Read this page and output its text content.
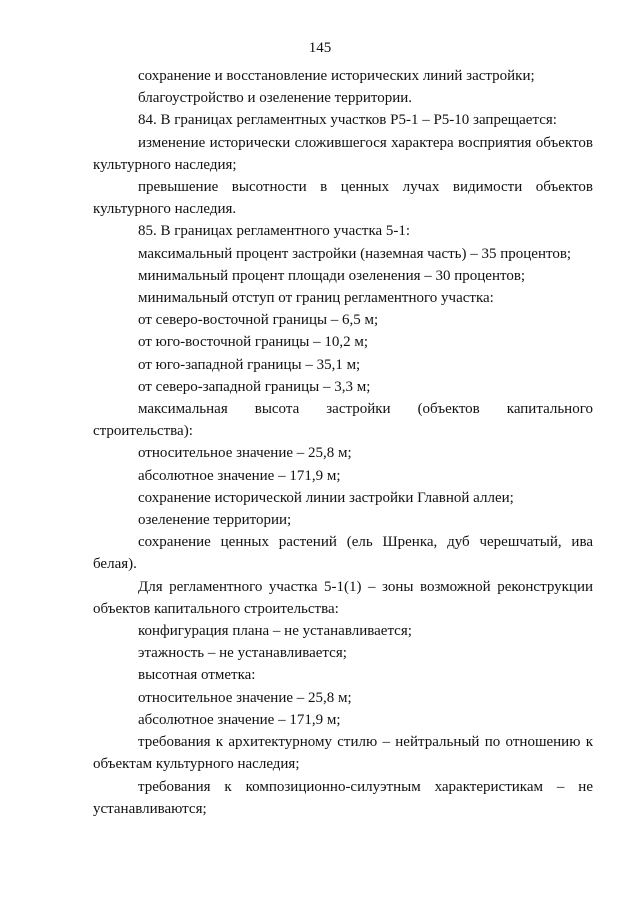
145

сохранение и восстановление исторических линий застройки;

благоустройство и озеленение территории.

84. В границах регламентных участков Р5-1 – Р5-10 запрещается:

изменение исторически сложившегося характера восприятия объектов культурного наследия;

превышение высотности в ценных лучах видимости объектов культурного наследия.

85. В границах регламентного участка 5-1:

максимальный процент застройки (наземная часть) – 35 процентов;

минимальный процент площади озеленения – 30 процентов;

минимальный отступ от границ регламентного участка:

от северо-восточной границы – 6,5 м;

от юго-восточной границы – 10,2 м;

от юго-западной границы – 35,1 м;

от северо-западной границы – 3,3 м;

максимальная высота застройки (объектов капитального строительства):

относительное значение – 25,8 м;

абсолютное значение – 171,9 м;

сохранение исторической линии застройки Главной аллеи;

озеленение территории;

сохранение ценных растений (ель Шренка, дуб черешчатый, ива белая).

Для регламентного участка 5-1(1) – зоны возможной реконструкции объектов капитального строительства:

конфигурация плана – не устанавливается;

этажность – не устанавливается;

высотная отметка:

относительное значение – 25,8 м;

абсолютное значение – 171,9 м;

требования к архитектурному стилю – нейтральный по отношению к объектам культурного наследия;

требования к композиционно-силуэтным характеристикам – не устанавливаются;
